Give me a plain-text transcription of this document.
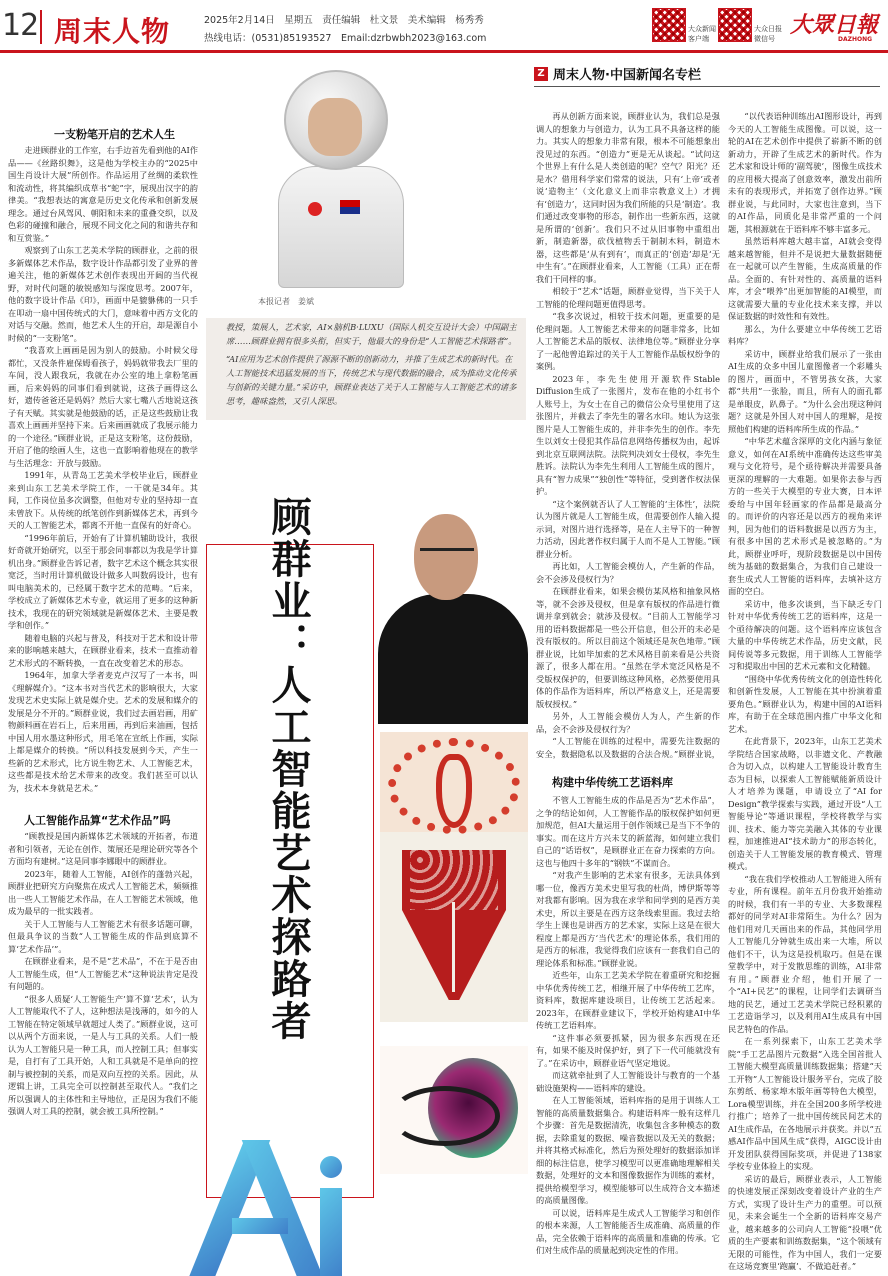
12 周末人物	2025年2月14日　星期五　责任编辑　杜文景　美术编辑　杨秀秀
热线电话：(0531)85193527　Email:dzrbwbh2023@163.com
大众新闻
客户端
大众日报
微信号
大眾日報
DAZHONG
Z 周末人物·中国新闻名专栏
本报记者　姜斌
教授，策展人，艺术家，AI×脑机B·LUXU（国际人机交互设计大会）中国副主席……顾群业拥有很多头衔，但实于，他最大的身份是“人工智能艺术探路者”。
“AI应用为艺术创作提供了源源不断的创新动力，并推了生成艺术的新时代。在人工智能技术迅猛发展的当下，传统艺术与现代数据的融合，成为推动文化传承与创新的关键力量。”采访中，顾群业表达了关于人工智能与人工智能艺术的诸多思考，趣味盎然，又引人深思。
顾群业：人工智能艺术探路者
一支粉笔开启的艺术人生

走进顾群业的工作室，右手边首先看到他的AI作品——《丝路织舞》，这是他为学校主办的“2025中国生肖设计大展”所创作。作品运用了丝绸的柔软性和流动性，将其编织成草书“蛇”字，展现出汉字的韵律美。“我想表达的寓意是历史文化传承和创新发展理念。通过台风驾风、朝阳和未来的重叠交织，以及色彩的碰撞和融合，展现不同文化之间的和谐共存和和互赏鉴。”

观察到了山东工艺美术学院的顾群业，之前的很多新媒体艺术作品，数字设计作品都引发了业界的普遍关注，他的新媒体艺术创作表现出开阔的当代视野，对时代问题的敏锐感知与深度思考。2007年，他的数字设计作品《印》，画面中是貔貅佛的一只手在叩动一扇中国传统式的大门，意味着中西方文化的对话与交融。然而，他艺术人生的开启，却是源自小时候的“一支粉笔”。

“我喜欢上画画是因为别人的鼓励。小时候父母都忙，又没条件雇保姆看孩子，妈妈就带我去厂里的车间，没人跟我玩，我就在办公室的地上拿粉笔画画，后来妈妈的同事们看到就说，这孩子画得这么好，遗传爸爸还是妈妈？然后大家七嘴八舌地说这孩子有天赋。其实就是他鼓励的话，正是这些鼓励让我喜欢上画画并坚持下来。后来画画就成了我展示能力的一个途径。”顾群业说，正是这支粉笔，这份鼓励，开启了他的绘画人生，这也一直影响着他现在的教学与生活理念：开放与鼓励。

1991年，从青岛工艺美术学校毕业后，顾群业来到山东工艺美术学院工作，一干就是34年。其间，工作岗位虽多次调整，但他对专业的坚持却一直未曾放下。从传统的纸笔创作到新媒体艺术，再到今天的人工智能艺术，都离不开他一直保有的好奇心。

“1996年前后，开始有了计算机辅助设计，我很好奇就开始研究，以至于那会同事都以为我是学计算机出身。”顾群业告诉记者，数字艺术这个概念其实很宽泛，当时用计算机做设计做多人叫数码设计，也有叫电脑美术的，已经属于数字艺术的范畴。“后来，学校成立了新媒体艺术专业，就运用了更多的这种新技术，我现在的研究领域就是新媒体艺术、主要是教学和创作。”

随着电脑的兴起与普及，科技对于艺术和设计带来的影响越来越大，在顾群业看来，技术一直推动着艺术形式的不断转换，一直在改变着艺术的形态。

1964年，加拿大学者麦克卢汉写了一本书，叫《理解媒介》。“这本书对当代艺术的影响很大，大家发现艺术史实际上就是媒介史。艺术的发展和媒介的发展是分不开的。”顾群业说，我们过去画岩画，用矿物颜料画在岩石上，后来用画，再到后来油画，包括中国人用水墨这种形式，用毛笔在宣纸上作画，实际上都是媒介的转换。“所以科技发展到今天，产生一些新的艺术形式，比方说生物艺术、人工智能艺术，这些都是技术给艺术带来的改变。我们甚至可以认为，技术本身就是艺术。”

人工智能作品算“艺术作品”吗

“顾教授是国内新媒体艺术领域的开拓者，布道者和引领者，无论在创作、策展还是理论研究等各个方面均有建树。”这是同事李娜眼中的顾群业。

2023年，随着人工智能，AI创作的蓬勃兴起，顾群业把研究方向聚焦在成式人工智能艺术，频频推出一些人工智能艺术作品，在人工智能艺术领域，他成为最早的一批实践者。

关于人工智能与人工智能艺术有很多话题可聊，但最具争议的当数“人工智能生成的作品到底算不算‘艺术作品’”。

在顾群业看来，是不是“艺术品”，不在于是否由人工智能生成，但“人工智能艺术”这种说法肯定是没有问题的。

“很多人质疑‘人工智能生产’算不算‘艺术’，认为人工智能取代不了人，这种想法是浅薄的，如今的人工智能在特定领域早就超过人类了。”顾群业说，这可以从两个方面来说，一是人与工具的关系。人们一般认为人工智能只是一种工具，而人控制工具；但事实是，自打有了工具开始，人和工具就是不是单向的控制与被控制的关系，而是双向互控的关系。因此，从逻辑上讲，工具完全可以控制甚至取代人。“我们之所以强调人的主体性和主导地位，正是因为我们不能强调人对工具的控制，就会被工具所控制。”

再从创新方面来说，顾群业认为，我们总是强调人的想象力与创造力，认为工具不具备这样的能力。其实人的想象力非常有限，根本不可能想象出没见过的东西。“创造力”更是无从谈起。“试问这个世界上有什么是人类创造的呢？空气？阳光？还是水？借用科学家们常常的说法，只有‘上帝’或者说‘造物主’（文化意义上而非宗教意义上）才拥有‘创造力’，这同时因为我们所能的只是‘制造’。我们通过改变事物的形态，制作出一些新东西，这就是所谓的‘创新’。我们只不过从旧事物中重组出新，制造新器，砍伐植物丢于制制木料，制造木器，这些都是‘从有到有’，而真正的‘创造’却是‘无中生有’。”在顾群业看来，人工智能（工具）正在帮我们干同样的事。

相较于“艺术”话题，顾群业觉得，当下关于人工智能的伦理问题更值得思考。

“我多次说过，相较于技术问题，更重要的是伦理问题。人工智能艺术带来的问题非常多，比如人工智能艺术品的版权、法律地位等。”顾群业分享了一起他曾追踪过的关于人工智能作品版权纷争的案例。

2023年，李先生使用开源软件Stable Diffusion生成了一张图片，发布在他的小红书个人账号上，为女士在自己的微信公众号里使用了这张图片，并截去了李先生的署名水印。她认为这张图片是人工智能生成的，并非李先生的创作。李先生以刘女士侵犯其作品信息网络传播权为由，起诉到北京互联网法院。法院判决刘女士侵权，李先生胜诉。法院认为李先生利用人工智能生成的图片，具有“智力成果”“独创性”等特征，受到著作权法保护。

“这个案例就否认了人工智能的‘主体性’，法院认为图片就是人工智能生成，但需要创作人输入提示词，对图片进行选择等，是在人主导下的一种智力活动，因此著作权归属于人而不是人工智能。”顾群业分析。

再比如，人工智能会模仿人，产生新的作品，会不会涉及侵权行为？

在顾群业看来，如果会模仿某风格和抽象风格等，就不会涉及侵权，但是拿有版权的作品进行微调并拿到就会；就涉及侵权。“目前人工智能学习用的语料数据都是一些公开信息，但公开的未必是没有版权的。所以目前这个领域还是灰色地带。”顾群业说，比如毕加索的艺术风格目前来看是公共资源了，很多人都在用。“虽然在学术宽泛风格是不受版权保护的，但要训练这种风格，必然要使用具体的作品作为语料库，所以严格意义上，还是需要版权授权。”

另外，人工智能会模仿人为人，产生新的作品，会不会涉及侵权行为？

“人工智能在训练的过程中，需要先注数据的安全，数据隐私以及数据的合法合规。”顾群业说，

构建中华传统工艺语料库

不管人工智能生成的作品是否为“艺术作品”，之争的结论如何，人工智能作品的版权保护如何更加规范，但AI大量运用于创作领域已是当下不争的事实。而在这片方兴未艾的新蓝海，如何建立我们自己的“话语权”，是顾群业正在奋力探索的方向。这也与他四十多年的“钢铁”不谋而合。

“对我产生影响的艺术家有很多，无法具体到哪一位，像西方美术史里写我的杜尚，博伊斯等等对我都有影响。因为我在求学和同学到的是西方美术史，所以主要是在西方这条线索里面。我过去给学生上课也是讲西方的艺术家，实际上这是在很大程度上都是西方‘当代艺术’的理论体系，我们用的是西方的标准，我觉得我们应该有一套我们自己的理论体系和标准。”顾群业说。

近些年，山东工艺美术学院在着重研究和挖掘中华优秀传统工艺，相继开展了中华传统工艺库，资料库，数据库建设项目，让传统工艺活起来。2023年，在顾群业建议下，学校开始构建AI中华传统工艺语料库。

“这件事必须要抓紧，因为很多东西现在还有，如果不能及时保护好，到了下一代可能就没有了。”在采访中，顾群业语气坚定地说。

而这就牵扯到了人工智能设计与教育的一个基础设施架构——语料库的建设。

在人工智能领域，语料库指的是用于训练人工智能的高质量数据集合。构建语料库一般有这样几个步骤：首先是数据清洗，收集包含多种模态的数据，去除重复的数据、噪音数据以及无关的数据；并将其格式标准化，然后为预处理好的数据添加详细的标注信息，使学习模型可以更准确地理解相关数据，处理好的文本和图像数据作为训练的素材，提供给模型学习，模型能够可以生成符合文本描述的高质量图像。

可以说，语料库是生成式人工智能学习和创作的根本来源，人工智能能否生成准确、高质量的作品，完全依赖于语料库的高质量和准确的传承。它们对生成作品的质量起到决定性的作用。

“以代表语种训练出AI图形设计，再到今天的人工智能生成图像。可以说，这一轮的AI在艺术创作中提供了崭新不断的创新动力，开辟了生成艺术的新时代。作为艺术家和设计师的‘副驾驶’，图像生成技术的应用极大提高了创意效率，激发出前所未有的表现形式，并拓宽了创作边界。”顾群业说，与此同时，大家也注意到，当下的AI作品，同质化是非常严重的一个问题，其根源就在于语料库不够丰富多元。

虽然语料库越大越丰富，AI就会变得越来越智能，但并不是说把大量数据随便在一起就可以产生智能，生成高质量的作品。全面的、有针对性的、高质量的语料库，才会“喂养”出更加智能的AI模型，而这就需要大量的专业化技术来支撑，并以保证数据的时效性和有效性。

那么，为什么要建立中华传统工艺语料库？

采访中，顾群业给我们展示了一张由AI生成的众多中国儿童图像者一个彩雕头的图片，画面中，不管男孩女孩，大家都“共用”一张脸，而且，所有人的面孔都是单眼皮，趴鼻子。“为什么会出现这种问题？这就是外国人对中国人的理解，是按照他们构建的语料库所生成的作品。”

“中华艺术蕴含深厚的文化内涵与象征意义，如何在AI系统中准确传达这些审美观与文化符号，是个亟待解决并需要具备更深的理解的一大难题。如果你去参与西方的一些关于大模型的专业大赛，日本评委给与中国年轻画家的作品都是最高分的。而评价的内容还是以西方的视角来评判，因为他们的语料数据是以西方为主，有很多中国的艺术形式是被忽略的。”为此，顾群业呼吁，现阶段数据是以中国传统为基础的数据集合，为我们自己建设一套生成式人工智能的语料库，去填补这方面的空白。

采访中，他多次谈到，当下缺乏专门针对中华优秀传统工艺的语料库，这是一个亟待解决的问题。这个语料库应该包含大量的中华传统艺术作品，历史文献，民间传说等多元数据，用于训练人工智能学习和提取出中国的艺术元素和文化精髓。

“围绕中华优秀传统文化的创造性转化和创新性发展，人工智能在其中扮演着重要角色。”顾群业认为，构建中国的AI语料库，有助于在全球范围内推广中华文化和艺术。

在此背景下，2023年，山东工艺美术学院结合国家战略，以非遗文化、产教融合为切入点，以构建人工智能设计教育生态为目标，以探索人工智能赋能新质设计人才培养为课题，申请设立了“AI for Design”教学探索与实践，通过开设“人工智能导论”等通识课程，学校将教学与实训、技术、能力等完美融入其体的专业课程，加速推进AI“技术助力”的形态转化，创造关于人工智能发展的教育模式、管理模式。

“我在我们学校推动人工智能进入所有专业，所有课程。前年五月份我开始推动的时候，我们有一半的专业、大多数课程都好的同学对AI非常陌生。为什么？因为他们用对几天画出来的作品，其他同学用人工智能几分钟就生成出来一大堆，所以他们不干，认为这是投机取巧。但是在课堂教学中，对于发散思维的训练，AI非常有用。”顾群业介绍，他们开展了一个“AI+民艺”的课程，让同学们去调研当地的民艺，通过工艺美术学院已经积累的工艺造诣学习，以及利用AI生成具有中国民艺特色的作品。

在一系列探索下，山东工艺美术学院“手工艺品图片元数据”入选全国首批人工智能大模型高质量训练数据集；搭建“天工开物”人工智能设计服务平台，完成了胶东剪纸、杨家埠木版年画等特色大模型，Lora模型训练，并在全国200多所学校进行推广；培养了一批中国传统民间艺术的AI生成作品，在各地展示并获奖。并以“五感AI作品中国风生成”获得，AIGC设计由开发团队获得国际奖项，并促进了138家学校专业体验上的实现。

采访的最后，顾群业表示，人工智能的快速发展正深刻改变着设计产业的生产方式，实现了设计生产力的重塑。可以预见，未来会诞生一个全新的语料库交易产业，越来越多的公司向人工智能“投喂”优质的生产要素和训练数据集，“这个领域有无限的可能性，作为中国人，我们一定要在这场竞赛里‘跑赢’，不做追赶者。”
